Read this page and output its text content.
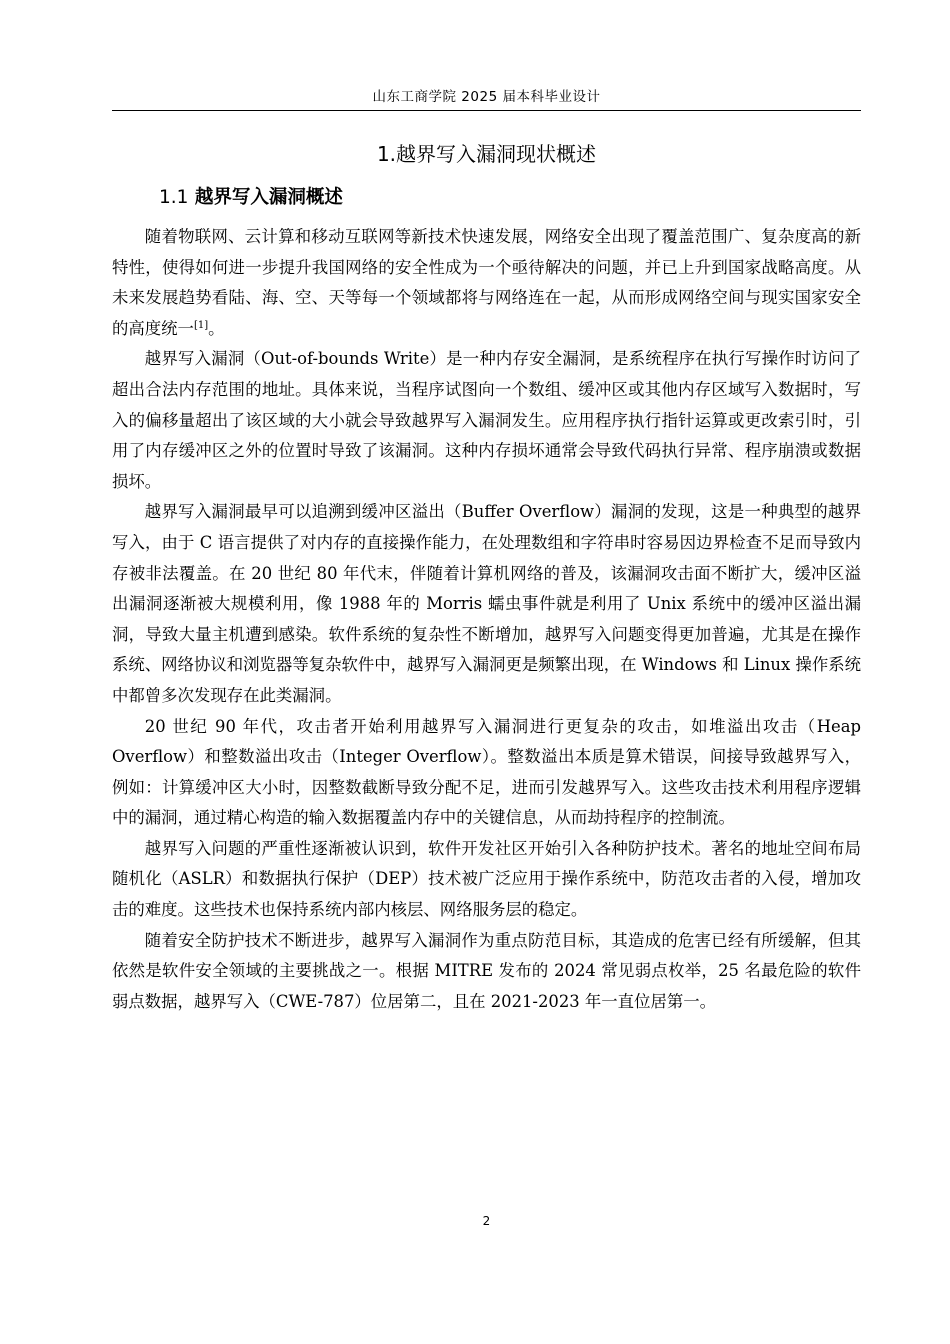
山东工商学院 2025 届本科毕业设计
1.越界写入漏洞现状概述
1.1 越界写入漏洞概述

随着物联网、云计算和移动互联网等新技术快速发展，网络安全出现了覆盖范围广、复杂度高的新特性，使得如何进一步提升我国网络的安全性成为一个亟待解决的问题，并已上升到国家战略高度。从未来发展趋势看陆、海、空、天等每一个领域都将与网络连在一起，从而形成网络空间与现实国家安全的高度统一[1]。

越界写入漏洞（Out-of-bounds Write）是一种内存安全漏洞，是系统程序在执行写操作时访问了超出合法内存范围的地址。具体来说，当程序试图向一个数组、缓冲区或其他内存区域写入数据时，写入的偏移量超出了该区域的大小就会导致越界写入漏洞发生。应用程序执行指针运算或更改索引时，引用了内存缓冲区之外的位置时导致了该漏洞。这种内存损坏通常会导致代码执行异常、程序崩溃或数据损坏。

越界写入漏洞最早可以追溯到缓冲区溢出（Buffer Overflow）漏洞的发现，这是一种典型的越界写入，由于 C 语言提供了对内存的直接操作能力，在处理数组和字符串时容易因边界检查不足而导致内存被非法覆盖。在 20 世纪 80 年代末，伴随着计算机网络的普及，该漏洞攻击面不断扩大，缓冲区溢出漏洞逐渐被大规模利用，像 1988 年的 Morris 蠕虫事件就是利用了 Unix 系统中的缓冲区溢出漏洞，导致大量主机遭到感染。软件系统的复杂性不断增加，越界写入问题变得更加普遍，尤其是在操作系统、网络协议和浏览器等复杂软件中，越界写入漏洞更是频繁出现，在 Windows 和 Linux 操作系统中都曾多次发现存在此类漏洞。

20 世纪 90 年代，攻击者开始利用越界写入漏洞进行更复杂的攻击，如堆溢出攻击（Heap Overflow）和整数溢出攻击（Integer Overflow）。整数溢出本质是算术错误，间接导致越界写入，例如：计算缓冲区大小时，因整数截断导致分配不足，进而引发越界写入。这些攻击技术利用程序逻辑中的漏洞，通过精心构造的输入数据覆盖内存中的关键信息，从而劫持程序的控制流。

越界写入问题的严重性逐渐被认识到，软件开发社区开始引入各种防护技术。著名的地址空间布局随机化（ASLR）和数据执行保护（DEP）技术被广泛应用于操作系统中，防范攻击者的入侵，增加攻击的难度。这些技术也保持系统内部内核层、网络服务层的稳定。

随着安全防护技术不断进步，越界写入漏洞作为重点防范目标，其造成的危害已经有所缓解，但其依然是软件安全领域的主要挑战之一。根据 MITRE 发布的 2024 常见弱点枚举，25 名最危险的软件弱点数据，越界写入（CWE-787）位居第二，且在 2021-2023 年一直位居第一。

2
